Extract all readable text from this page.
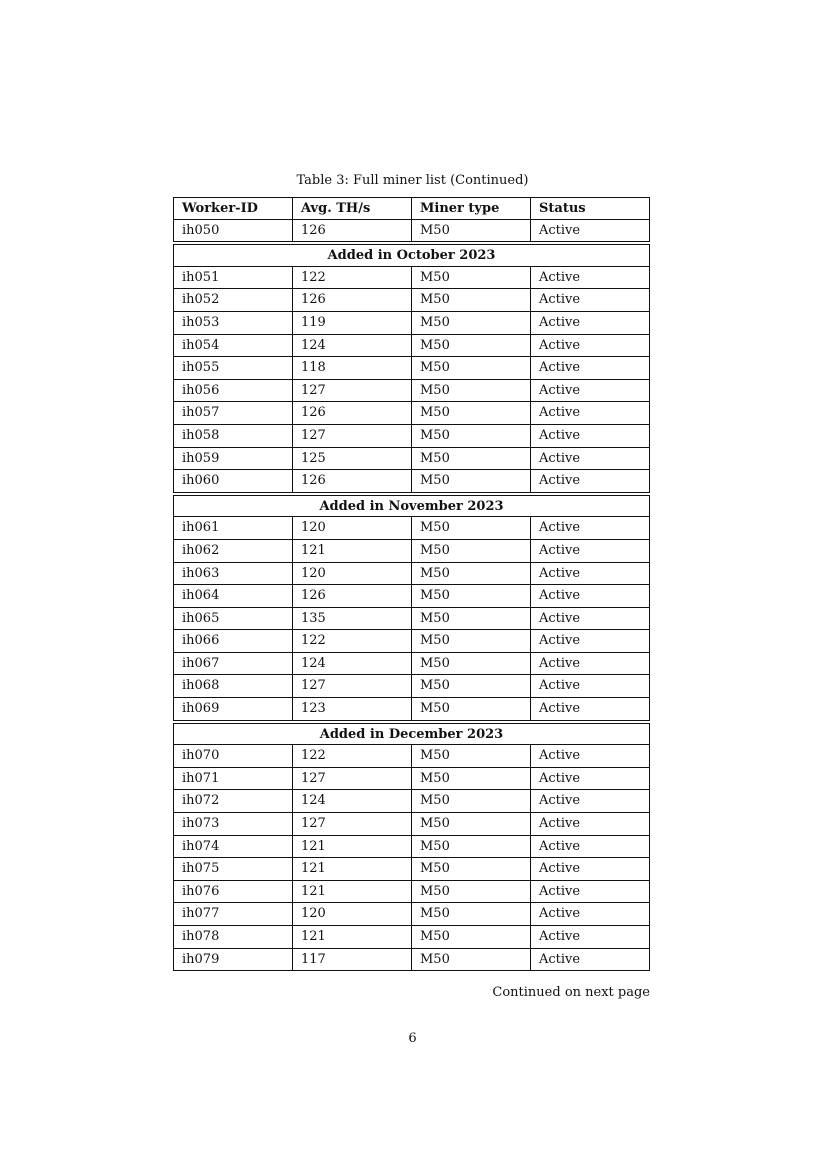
Table 3: Full miner list (Continued)
Worker-ID	Avg. TH/s	Miner type	Status
ih050	126	M50	Active
Added in October 2023
ih051	122	M50	Active
ih052	126	M50	Active
ih053	119	M50	Active
ih054	124	M50	Active
ih055	118	M50	Active
ih056	127	M50	Active
ih057	126	M50	Active
ih058	127	M50	Active
ih059	125	M50	Active
ih060	126	M50	Active
Added in November 2023
ih061	120	M50	Active
ih062	121	M50	Active
ih063	120	M50	Active
ih064	126	M50	Active
ih065	135	M50	Active
ih066	122	M50	Active
ih067	124	M50	Active
ih068	127	M50	Active
ih069	123	M50	Active
Added in December 2023
ih070	122	M50	Active
ih071	127	M50	Active
ih072	124	M50	Active
ih073	127	M50	Active
ih074	121	M50	Active
ih075	121	M50	Active
ih076	121	M50	Active
ih077	120	M50	Active
ih078	121	M50	Active
ih079	117	M50	Active
Continued on next page
6
